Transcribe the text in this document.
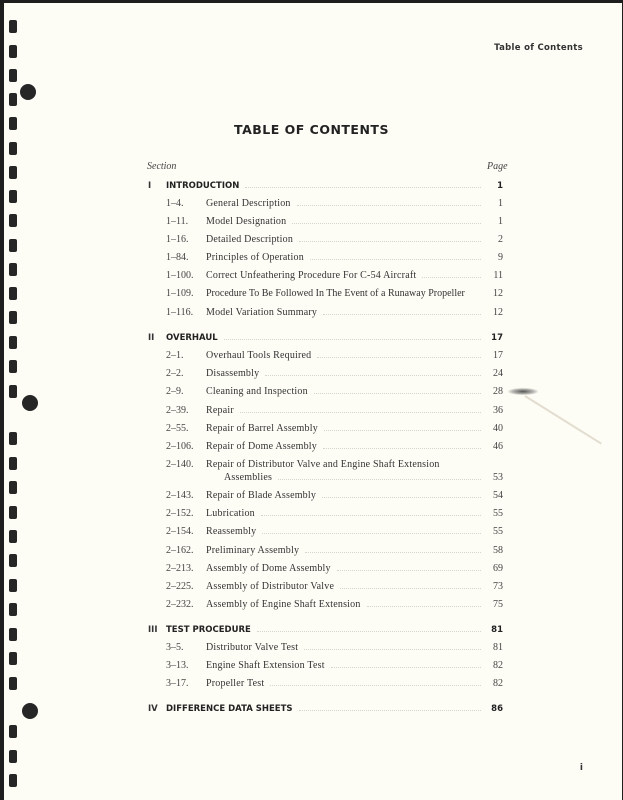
Table of Contents
TABLE OF CONTENTS
Section	Page
I	INTRODUCTION	1
1–4.	General Description	1
1–11.	Model Designation	1
1–16.	Detailed Description	2
1–84.	Principles of Operation	9
1–100.	Correct Unfeathering Procedure For C-54 Aircraft	11
1–109.	Procedure To Be Followed In The Event of a Runaway Propeller	12
1–116.	Model Variation Summary	12
II	OVERHAUL	17
2–1.	Overhaul Tools Required	17
2–2.	Disassembly	24
2–9.	Cleaning and Inspection	28
2–39.	Repair	36
2–55.	Repair of Barrel Assembly	40
2–106.	Repair of Dome Assembly	46
2–140.	Repair of Distributor Valve and Engine Shaft Extension
Assemblies	53
2–143.	Repair of Blade Assembly	54
2–152.	Lubrication	55
2–154.	Reassembly	55
2–162.	Preliminary Assembly	58
2–213.	Assembly of Dome Assembly	69
2–225.	Assembly of Distributor Valve	73
2–232.	Assembly of Engine Shaft Extension	75
III	TEST PROCEDURE	81
3–5.	Distributor Valve Test	81
3–13.	Engine Shaft Extension Test	82
3–17.	Propeller Test	82
IV DIFFERENCE DATA SHEETS	86
i
